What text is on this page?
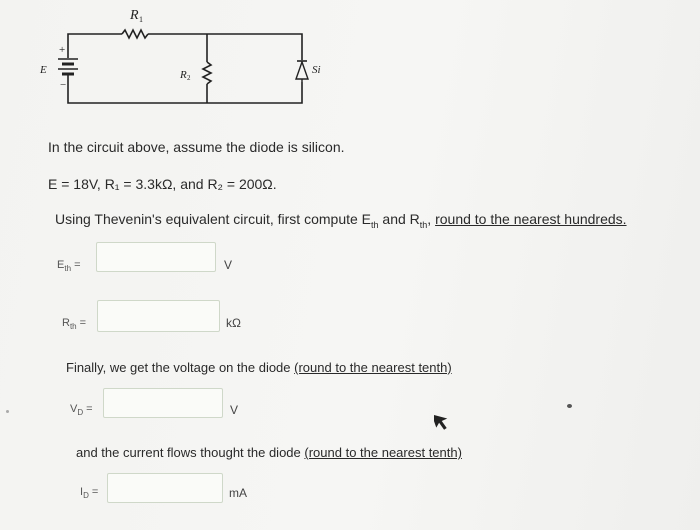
E
+
−
R 1
R 2
Si
In the circuit above, assume the diode is silicon.
E = 18V, R₁ = 3.3kΩ, and R₂ = 200Ω.
Using Thevenin's equivalent circuit, first compute $E_{th}$ and $R_{th}$, round to the nearest hundreds.
$E_{th}$ =	V
$R_{th}$ =	kΩ
Finally, we get the voltage on the diode (round to the nearest tenth)
$V_D$ =	V
and the current flows thought the diode (round to the nearest tenth)
$I_D$ =	mA
